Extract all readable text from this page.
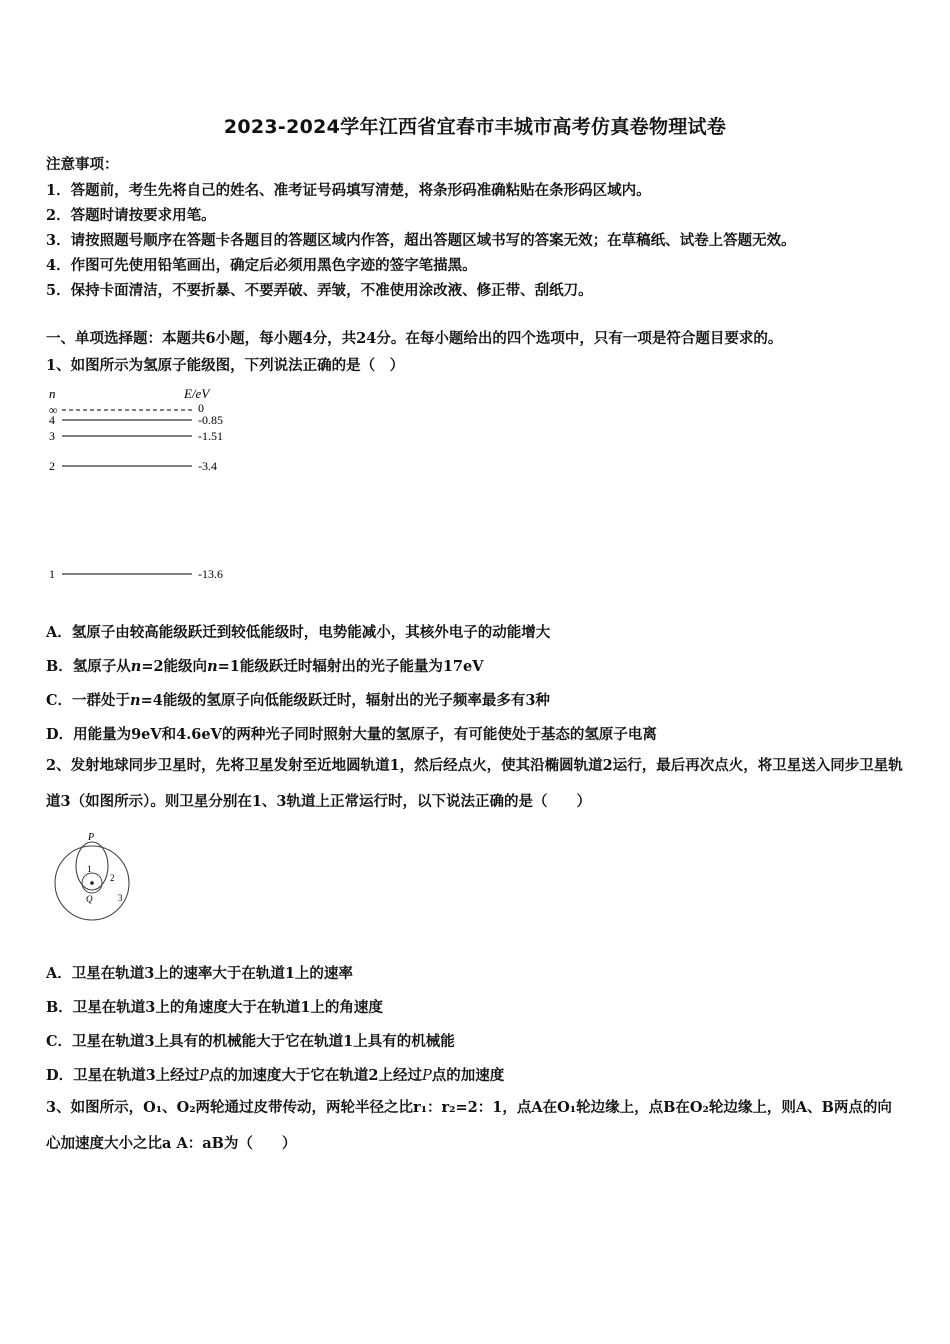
2023-2024学年江西省宜春市丰城市高考仿真卷物理试卷
注意事项：
1．答题前，考生先将自己的姓名、准考证号码填写清楚，将条形码准确粘贴在条形码区域内。
2．答题时请按要求用笔。
3．请按照题号顺序在答题卡各题目的答题区域内作答，超出答题区域书写的答案无效；在草稿纸、试卷上答题无效。
4．作图可先使用铅笔画出，确定后必须用黑色字迹的签字笔描黑。
5．保持卡面清洁，不要折暴、不要弄破、弄皱，不准使用涂改液、修正带、刮纸刀。
一、单项选择题：本题共6小题，每小题4分，共24分。在每小题给出的四个选项中，只有一项是符合题目要求的。
1、如图所示为氢原子能级图，下列说法正确的是（　）
n	E/eV
∞	0
4	-0.85
3	-1.51
2	-3.4
1	-13.6
A．氢原子由较高能级跃迁到较低能级时，电势能减小，其核外电子的动能增大
B．氢原子从n=2能级向n=1能级跃迁时辐射出的光子能量为17eV
C．一群处于n=4能级的氢原子向低能级跃迁时，辐射出的光子频率最多有3种
D．用能量为9eV和4.6eV的两种光子同时照射大量的氢原子，有可能使处于基态的氢原子电离
2、发射地球同步卫星时，先将卫星发射至近地圆轨道1，然后经点火，使其沿椭圆轨道2运行，最后再次点火，将卫星送入同步卫星轨道3（如图所示）。则卫星分别在1、3轨道上正常运行时，以下说法正确的是（　　）
P
1
2
Q	3
A．卫星在轨道3上的速率大于在轨道1上的速率
B．卫星在轨道3上的角速度大于在轨道1上的角速度
C．卫星在轨道3上具有的机械能大于它在轨道1上具有的机械能
D．卫星在轨道3上经过P点的加速度大于它在轨道2上经过P点的加速度
3、如图所示，O₁、O₂两轮通过皮带传动，两轮半径之比r₁：r₂=2：1，点A在O₁轮边缘上，点B在O₂轮边缘上，则A、B两点的向心加速度大小之比a A：aB为（　　）
